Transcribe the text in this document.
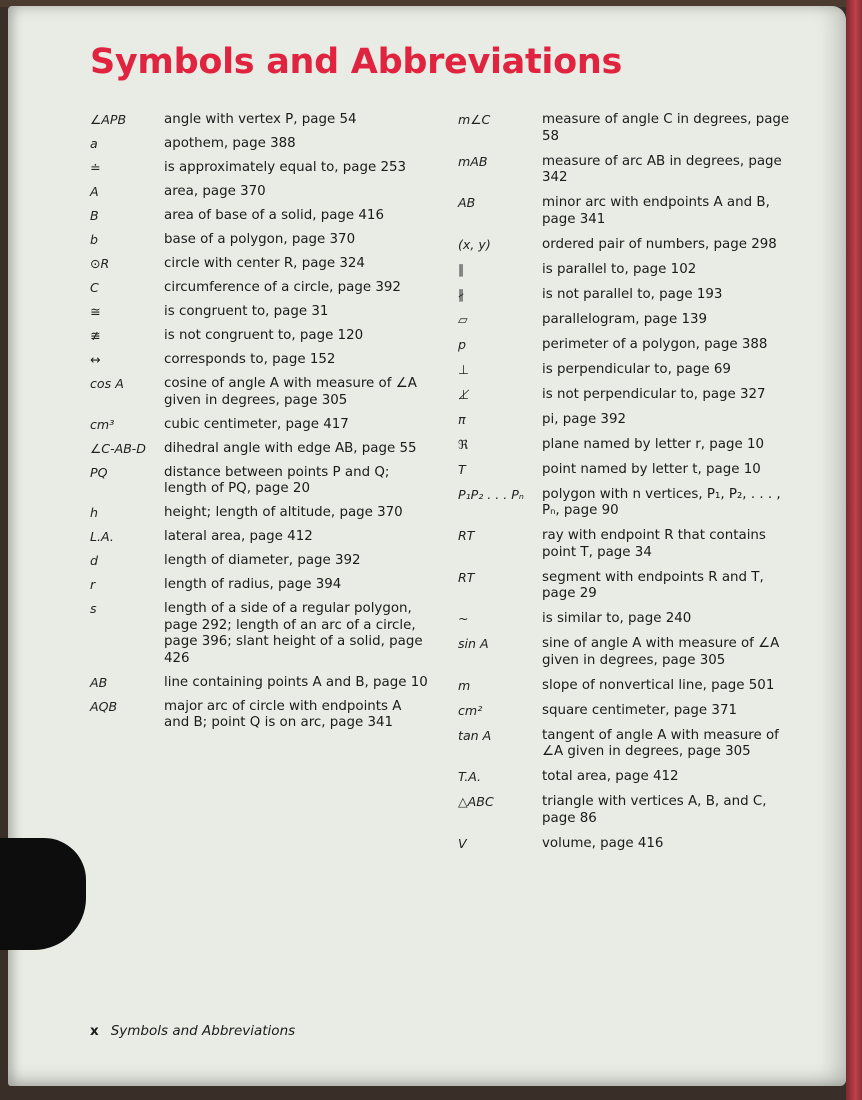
Symbols and Abbreviations
∠APB	angle with vertex P, page 54
a	apothem, page 388
≐	is approximately equal to, page 253
A	area, page 370
B	area of base of a solid, page 416
b	base of a polygon, page 370
⊙R	circle with center R, page 324
C	circumference of a circle, page 392
≅	is congruent to, page 31
≇	is not congruent to, page 120
↔	corresponds to, page 152
cos A	cosine of angle A with measure of ∠A given in degrees, page 305
cm³	cubic centimeter, page 417
∠C-AB-D	dihedral angle with edge AB, page 55
PQ	distance between points P and Q; length of PQ, page 20
h	height; length of altitude, page 370
L.A.	lateral area, page 412
d	length of diameter, page 392
r	length of radius, page 394
s	length of a side of a regular polygon, page 292; length of an arc of a circle, page 396; slant height of a solid, page 426
AB	line containing points A and B, page 10
AQB	major arc of circle with endpoints A and B; point Q is on arc, page 341
m∠C	measure of angle C in degrees, page 58
mAB	measure of arc AB in degrees, page 342
AB	minor arc with endpoints A and B, page 341
(x, y)	ordered pair of numbers, page 298
∥	is parallel to, page 102
∦	is not parallel to, page 193
▱	parallelogram, page 139
p	perimeter of a polygon, page 388
⊥	is perpendicular to, page 69
⊥̸	is not perpendicular to, page 327
π	pi, page 392
ℜ	plane named by letter r, page 10
T	point named by letter t, page 10
P₁P₂ . . . Pₙ	polygon with n vertices, P₁, P₂, . . . , Pₙ, page 90
RT	ray with endpoint R that contains point T, page 34
RT	segment with endpoints R and T, page 29
~	is similar to, page 240
sin A	sine of angle A with measure of ∠A given in degrees, page 305
m	slope of nonvertical line, page 501
cm²	square centimeter, page 371
tan A	tangent of angle A with measure of ∠A given in degrees, page 305
T.A.	total area, page 412
△ABC	triangle with vertices A, B, and C, page 86
V	volume, page 416
x Symbols and Abbreviations
